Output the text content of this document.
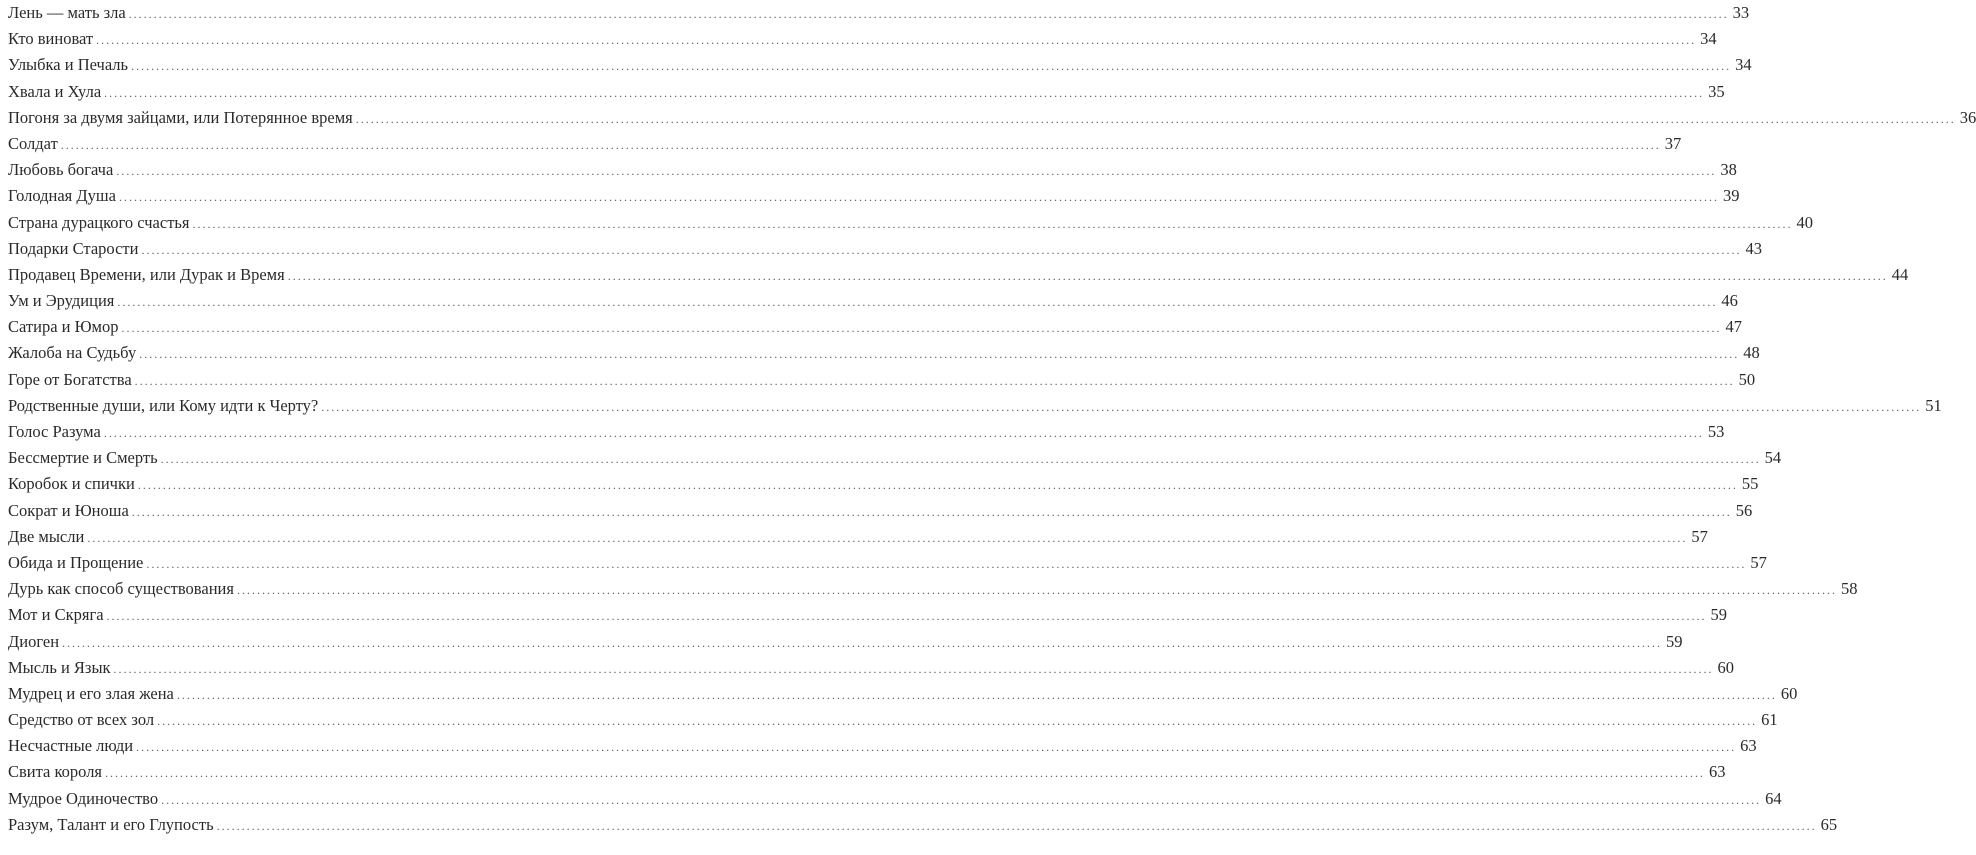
Лень — мать зла .....	33
Кто виноват .....	34
Улыбка и Печаль .....	34
Хвала и Хула .....	35
Погоня за двумя зайцами, или Потерянное время .....	36
Солдат .....	37
Любовь богача .....	38
Голодная Душа .....	39
Страна дурацкого счастья .....	40
Подарки Старости .....	43
Продавец Времени, или Дурак и Время .....	44
Ум и Эрудиция .....	46
Сатира и Юмор .....	47
Жалоба на Судьбу .....	48
Горе от Богатства .....	50
Родственные души, или Кому идти к Черту? .....	51
Голос Разума .....	53
Бессмертие и Смерть .....	54
Коробок и спички .....	55
Сократ и Юноша .....	56
Две мысли .....	57
Обида и Прощение .....	57
Дурь как способ существования .....	58
Мот и Скряга .....	59
Диоген .....	59
Мысль и Язык .....	60
Мудрец и его злая жена .....	60
Средство от всех зол .....	61
Несчастные люди .....	63
Свита короля .....	63
Мудрое Одиночество .....	64
Разум, Талант и его Глупость .....	65
